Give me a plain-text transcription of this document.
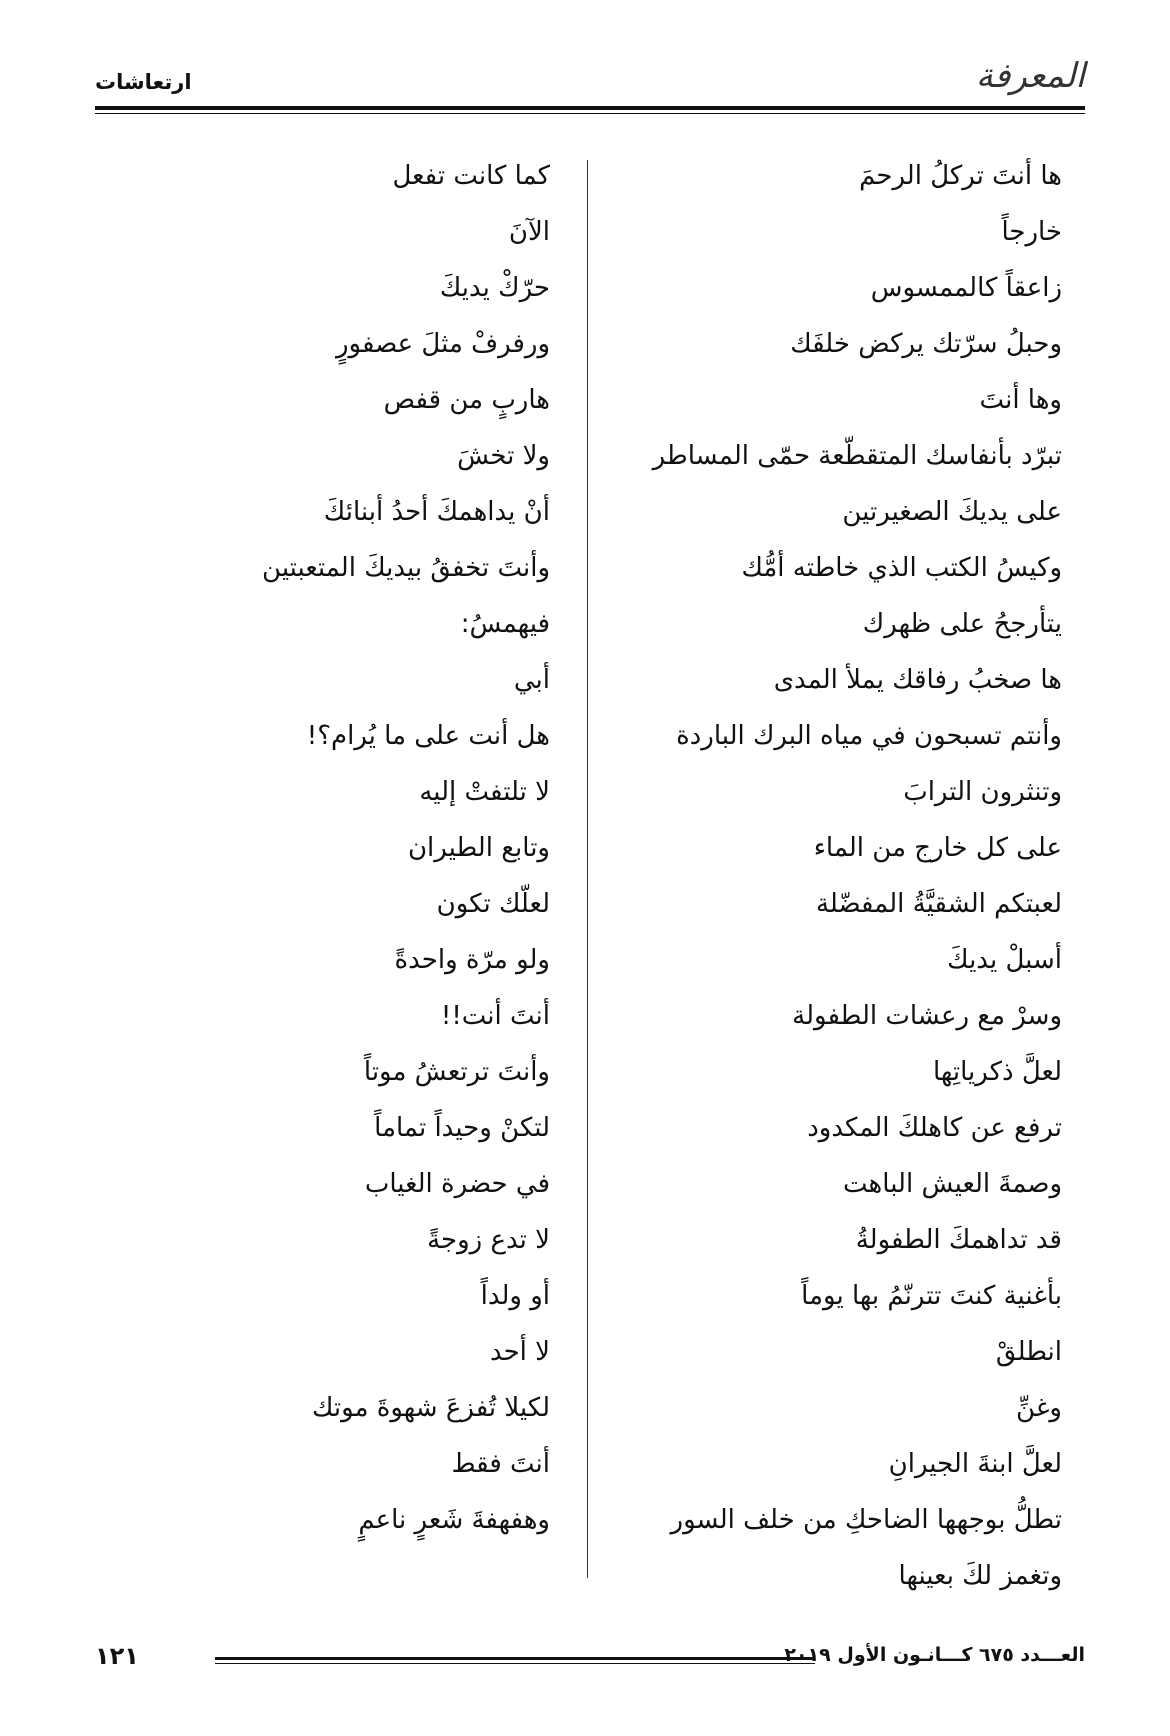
ارتعاشات	المعرفة
ها أنتَ تركلُ الرحمَ
خارجاً
زاعقاً كالممسوس
وحبلُ سرّتك يركض خلفَك
وها أنتَ
تبرّد بأنفاسك المتقطّعة حمّى المساطر
على يديكَ الصغيرتين
وكيسُ الكتب الذي خاطته أمُّك
يتأرجحُ على ظهرك
ها صخبُ رفاقك يملأ المدى
وأنتم تسبحون في مياه البرك الباردة
وتنثرون الترابَ
على كل خارج من الماء
لعبتكم الشقيَّةُ المفضّلة
أسبلْ يديكَ
وسرْ مع رعشات الطفولة
لعلَّ ذكرياتِها
ترفع عن كاهلكَ المكدود
وصمةَ العيش الباهت
قد تداهمكَ الطفولةُ
بأغنية كنتَ تترنّمُ بها يوماً
انطلقْ
وغنِّ
لعلَّ ابنةَ الجيرانِ
تطلُّ بوجهها الضاحكِ من خلف السور
وتغمز لكَ بعينها
كما كانت تفعل
الآنَ
حرّكْ يديكَ
ورفرفْ مثلَ عصفورٍ
هاربٍ من قفص
ولا تخشَ
أنْ يداهمكَ أحدُ أبنائكَ
وأنتَ تخفقُ بيديكَ المتعبتين
فيهمسُ:
أبي
هل أنت على ما يُرام؟!
لا تلتفتْ إليه
وتابع الطيران
لعلّك تكون
ولو مرّة واحدةً
أنتَ أنت!!
وأنتَ ترتعشُ موتاً
لتكنْ وحيداً تماماً
في حضرة الغياب
لا تدع زوجةً
أو ولداً
لا أحد
لكيلا تُفزعَ شهوةَ موتك
أنتَ فقط
وهفهفةَ شَعرٍ ناعمٍ
١٢١	العـــدد ٦٧٥ كـــانـون الأول ٢٠١٩
